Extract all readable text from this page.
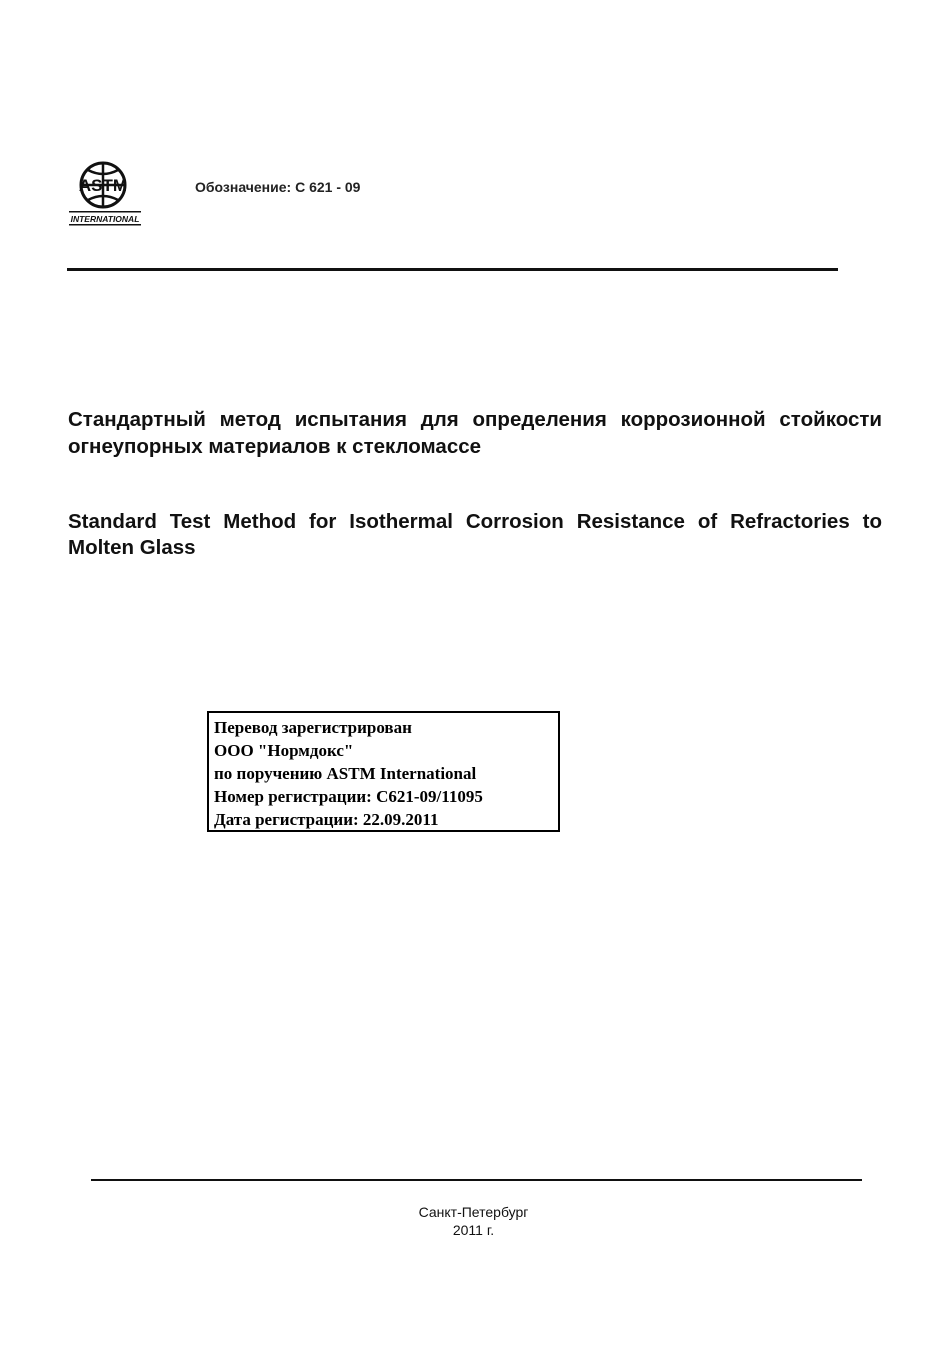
ASTM
INTERNATIONAL
Обозначение: C 621 - 09
Стандартный метод испытания для определения коррозионной стойкости огнеупорных материалов к стекломассе
Standard Test Method for Isothermal Corrosion Resistance of Refractories to Molten Glass
Перевод зарегистрирован
ООО "Нормдокс"
по поручению ASTM International
Номер регистрации: C621-09/11095
Дата регистрации: 22.09.2011
Санкт-Петербург
2011 г.
